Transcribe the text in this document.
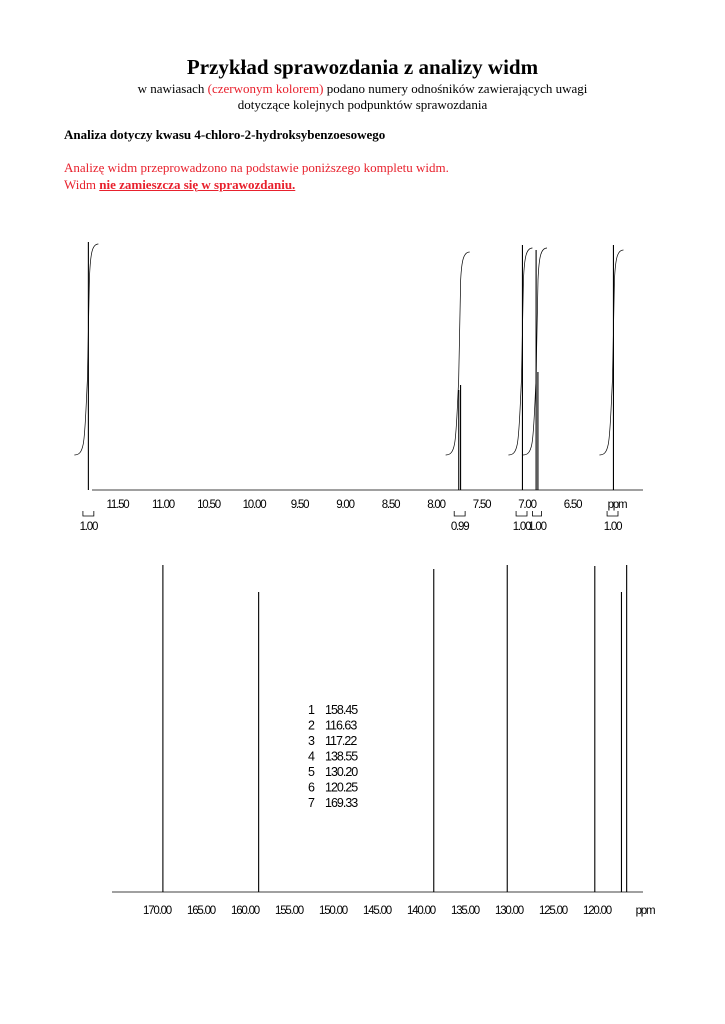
Przykład sprawozdania z analizy widm
w nawiasach (czerwonym kolorem) podano numery odnośników zawierających uwagi
dotyczące kolejnych podpunktów sprawozdania
Analiza dotyczy kwasu 4-chloro-2-hydroksybenzoesowego
Analizę widm przeprowadzono na podstawie poniższego kompletu widm.
Widm nie zamieszcza się w sprawozdaniu.
11.50 11.00 10.50 10.00 9.50 9.00 8.50 8.00 7.50 7.00 6.50 ppm
1.00	0.99	1.00
1.00	1.00
170.00 165.00 160.00 155.00 150.00 145.00 140.00 135.00 130.00 125.00 120.00 ppm
1 158.45
2 116.63
3 117.22
4 138.55
5 130.20
6 120.25
7 169.33
